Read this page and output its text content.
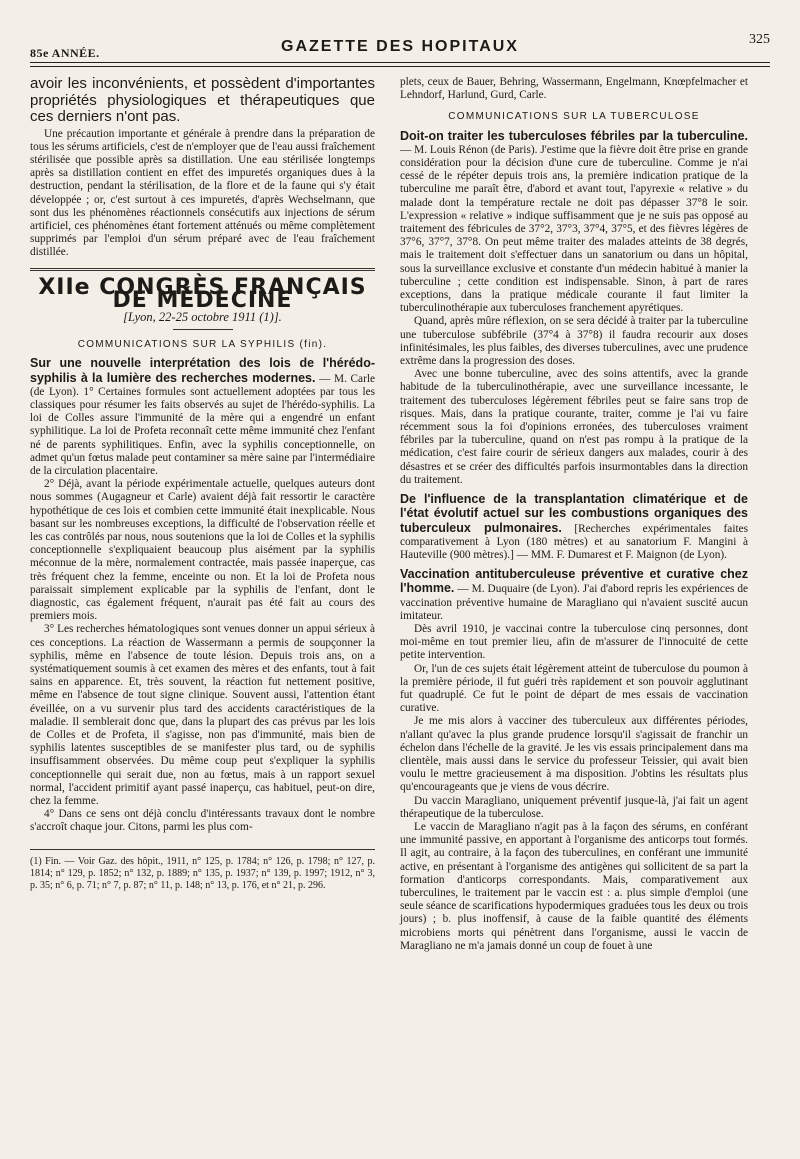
85e ANNÉE.	GAZETTE DES HOPITAUX	325

avoir les inconvénients, et possèdent d'importantes propriétés physiologiques et thérapeutiques que ces derniers n'ont pas.

Une précaution importante et générale à prendre dans la préparation de tous les sérums artificiels, c'est de n'employer que de l'eau aussi fraîchement stérilisée que possible après sa distillation. Une eau stérilisée longtemps après sa distillation contient en effet des impuretés organiques dues à la destruction, pendant la stérilisation, de la flore et de la faune qui s'y était développée ; or, c'est surtout à ces impuretés, d'après Wechselmann, que sont dus les phénomènes réactionnels consécutifs aux injections de sérum artificiel, ces phénomènes étant fortement atténués ou même complètement supprimés par l'emploi d'un sérum préparé avec de l'eau fraîchement distillée.

XIIe CONGRÈS FRANÇAIS DE MÉDECINE
[Lyon, 22-25 octobre 1911 (1)].
COMMUNICATIONS SUR LA SYPHILIS (fin).

Sur une nouvelle interprétation des lois de l'hérédo-syphilis à la lumière des recherches modernes. — M. Carle (de Lyon). 1° Certaines formules sont actuellement adoptées par tous les classiques pour résumer les faits observés au sujet de l'hérédo-syphilis. La loi de Colles assure l'immunité de la mère qui a engendré un enfant syphilitique. La loi de Profeta reconnaît cette même immunité chez l'enfant né de parents syphilitiques. Enfin, avec la syphilis conceptionnelle, on admet qu'un fœtus malade peut contaminer sa mère saine par l'intermédiaire de la circulation placentaire.

2° Déjà, avant la période expérimentale actuelle, quelques auteurs dont nous sommes (Augagneur et Carle) avaient déjà fait ressortir le caractère hypothétique de ces lois et combien cette immunité était inexplicable. Nous basant sur les nombreuses exceptions, la difficulté de l'observation réelle et les cas contrôlés par nous, nous soutenions que la loi de Colles et la syphilis conceptionnelle s'expliquaient beaucoup plus aisément par la syphilis méconnue de la mère, normalement contractée, mais passée inaperçue, cas très fréquent chez la femme, enceinte ou non. Et la loi de Profeta nous paraissait simplement explicable par la syphilis de l'enfant, dont le diagnostic, cas également fréquent, n'aurait pas été fait au cours des premiers mois.

3° Les recherches hématologiques sont venues donner un appui sérieux à ces conceptions. La réaction de Wassermann a permis de soupçonner la syphilis, même en l'absence de toute lésion. Depuis trois ans, on a systématiquement soumis à cet examen des mères et des enfants, tout à fait sains en apparence. Et, très souvent, la réaction fut nettement positive, même en l'absence de tout signe clinique. Souvent aussi, l'attention étant éveillée, on a vu survenir plus tard des accidents caractéristiques de la maladie. Il semblerait donc que, dans la plupart des cas prévus par les lois de Colles et de Profeta, il s'agisse, non pas d'immunité, mais bien de syphilis latentes susceptibles de se manifester plus tard, ou de syphilis insuffisamment observées. Du même coup peut s'expliquer la syphilis conceptionnelle qui serait due, non au fœtus, mais à un rapport sexuel normal, l'accident primitif ayant passé inaperçu, cas habituel, peut-on dire, chez la femme.

4° Dans ce sens ont déjà conclu d'intéressants travaux dont le nombre s'accroît chaque jour. Citons, parmi les plus com-

(1) Fin. — Voir Gaz. des hôpit., 1911, n° 125, p. 1784; n° 126, p. 1798; n° 127, p. 1814; n° 129, p. 1852; n° 132, p. 1889; n° 135, p. 1937; n° 139, p. 1997; 1912, n° 3, p. 35; n° 6, p. 71; n° 7, p. 87; n° 11, p. 148; n° 13, p. 176, et n° 21, p. 296.

plets, ceux de Bauer, Behring, Wassermann, Engelmann, Knœpfelmacher et Lehndorf, Harlund, Gurd, Carle.

COMMUNICATIONS SUR LA TUBERCULOSE

Doit-on traiter les tuberculoses fébriles par la tuberculine. — M. Louis Rénon (de Paris). J'estime que la fièvre doit être prise en grande considération pour la décision d'une cure de tuberculine. Comme je n'ai cessé de le répéter depuis trois ans, la première indication pratique de la tuberculine me paraît être, d'abord et avant tout, l'apyrexie « relative » du malade dont la température rectale ne doit pas dépasser 37°8 le soir. L'expression « relative » indique suffisamment que je ne suis pas opposé au traitement des fébricules de 37°2, 37°3, 37°4, 37°5, et des fièvres légères de 37°6, 37°7, 37°8. On peut même traiter des malades atteints de 38 degrés, mais le traitement doit s'effectuer dans un sanatorium ou dans un hôpital, sous la surveillance exclusive et constante d'un médecin habitué à manier la tuberculine ; cette condition est indispensable. Sinon, à part de rares exceptions, dans la pratique médicale courante il faut limiter la tuberculinothérapie aux tuberculoses franchement apyrétiques.

Quand, après mûre réflexion, on se sera décidé à traiter par la tuberculine une tuberculose subfébrile (37°4 à 37°8) il faudra recourir aux doses infinitésimales, les plus faibles, des diverses tuberculines, avec une prudence extrême dans la progression des doses.

Avec une bonne tuberculine, avec des soins attentifs, avec la grande habitude de la tuberculinothérapie, avec une surveillance incessante, le traitement des tuberculoses légèrement fébriles peut se faire sans trop de risques. Mais, dans la pratique courante, traiter, comme je l'ai vu faire récemment sous la foi d'opinions erronées, des tuberculoses vraiment fébriles par la tuberculine, quand on n'est pas rompu à la pratique de la médication, c'est faire courir de sérieux dangers aux malades, courir à des désastres et se créer des difficultés parfois insurmontables dans la direction du traitement.

De l'influence de la transplantation climatérique et de l'état évolutif actuel sur les combustions organiques des tuberculeux pulmonaires. [Recherches expérimentales faites comparativement à Lyon (180 mètres) et au sanatorium F. Mangini à Hauteville (900 mètres).] — MM. F. Dumarest et F. Maignon (de Lyon).

Vaccination antituberculeuse préventive et curative chez l'homme. — M. Duquaire (de Lyon). J'ai d'abord repris les expériences de vaccination préventive humaine de Maragliano qui n'avaient suscité aucun imitateur.

Dès avril 1910, je vaccinai contre la tuberculose cinq personnes, dont moi-même en tout premier lieu, afin de m'assurer de l'innocuité de cette petite intervention.

Or, l'un de ces sujets était légèrement atteint de tuberculose du poumon à la première période, il fut guéri très rapidement et son pouvoir agglutinant fut quadruplé. Ce fut le point de départ de mes essais de vaccination curative.

Je me mis alors à vacciner des tuberculeux aux différentes périodes, n'allant qu'avec la plus grande prudence lorsqu'il s'agissait de franchir un échelon dans l'échelle de la gravité. Je les vis essais principalement dans ma clientèle, mais aussi dans le service du professeur Teissier, qui avait bien voulu le mettre gracieusement à ma disposition. J'obtins les résultats plus qu'encourageants que je viens de vous décrire.

Du vaccin Maragliano, uniquement préventif jusque-là, j'ai fait un agent thérapeutique de la tuberculose.

Le vaccin de Maragliano n'agit pas à la façon des sérums, en conférant une immunité passive, en apportant à l'organisme des anticorps tout formés. Il agit, au contraire, à la façon des tuberculines, en conférant une immunité active, en présentant à l'organisme des antigènes qui sollicitent de sa part la formation d'anticorps correspondants. Mais, comparativement aux tuberculines, le traitement par le vaccin est : a. plus simple d'emploi (une seule séance de scarifications hypodermiques graduées tous les deux ou trois jours) ; b. plus inoffensif, à cause de la faible quantité des éléments microbiens morts qui pénètrent dans l'organisme, aussi le vaccin de Maragliano ne m'a jamais donné un coup de fouet à une
